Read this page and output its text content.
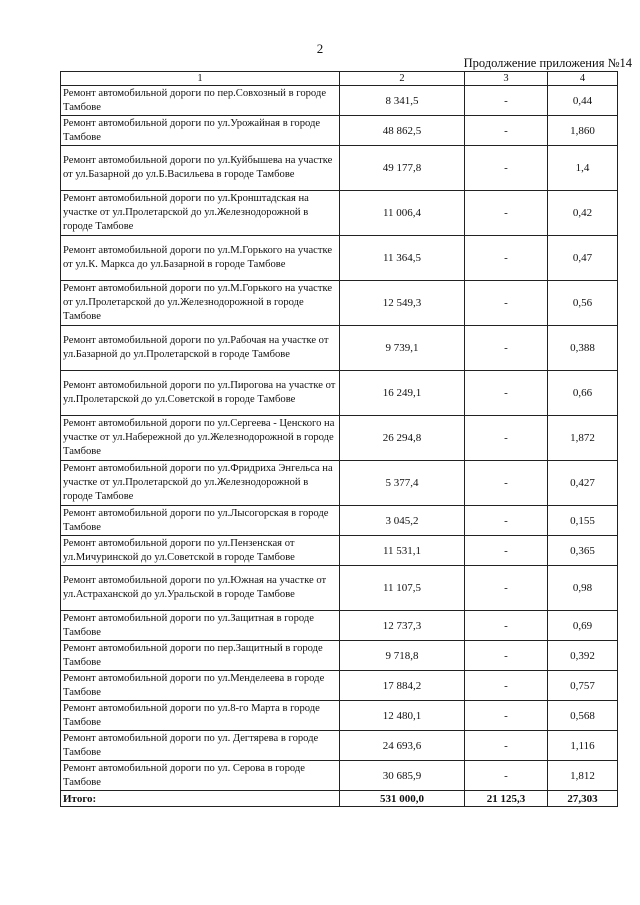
2
Продолжение приложения №14
1	2	3	4
Ремонт автомобильной дороги по пер.Совхозный в городе Тамбове	8 341,5	-	0,44
Ремонт автомобильной дороги по ул.Урожайная в городе Тамбове	48 862,5	-	1,860
Ремонт автомобильной дороги по ул.Куйбышева на участке от ул.Базарной до ул.Б.Васильева в городе Тамбове	49 177,8	-	1,4
Ремонт автомобильной дороги по ул.Кронштадская на участке от ул.Пролетарской до ул.Железнодорожной в городе Тамбове	11 006,4	-	0,42
Ремонт автомобильной дороги по ул.М.Горького на участке от ул.К. Маркса до ул.Базарной в городе Тамбове	11 364,5	-	0,47
Ремонт автомобильной дороги по ул.М.Горького на участке от ул.Пролетарской до ул.Железнодорожной в городе Тамбове	12 549,3	-	0,56
Ремонт автомобильной дороги по ул.Рабочая на участке от ул.Базарной до ул.Пролетарской в городе Тамбове	9 739,1	-	0,388
Ремонт автомобильной дороги по ул.Пирогова на участке от ул.Пролетарской до ул.Советской в городе Тамбове	16 249,1	-	0,66
Ремонт автомобильной дороги по ул.Сергеева - Ценского на участке от ул.Набережной до ул.Железнодорожной в городе Тамбове	26 294,8	-	1,872
Ремонт автомобильной дороги по ул.Фридриха Энгельса на участке от ул.Пролетарской до ул.Железнодорожной в городе Тамбове	5 377,4	-	0,427
Ремонт автомобильной дороги по ул.Лысогорская в городе Тамбове	3 045,2	-	0,155
Ремонт автомобильной дороги по ул.Пензенская от ул.Мичуринской до ул.Советской в городе Тамбове	11 531,1	-	0,365
Ремонт автомобильной дороги по ул.Южная на участке от ул.Астраханской до ул.Уральской в городе Тамбове	11 107,5	-	0,98
Ремонт автомобильной дороги по ул.Защитная в городе Тамбове	12 737,3	-	0,69
Ремонт автомобильной дороги по пер.Защитный в городе Тамбове	9 718,8	-	0,392
Ремонт автомобильной дороги по ул.Менделеева в городе Тамбове	17 884,2	-	0,757
Ремонт автомобильной дороги по ул.8-го Марта в городе Тамбове	12 480,1	-	0,568
Ремонт автомобильной дороги по ул. Дегтярева в городе Тамбове	24 693,6	-	1,116
Ремонт автомобильной дороги по ул. Серова в городе Тамбове	30 685,9	-	1,812
Итого:	531 000,0	21 125,3	27,303
